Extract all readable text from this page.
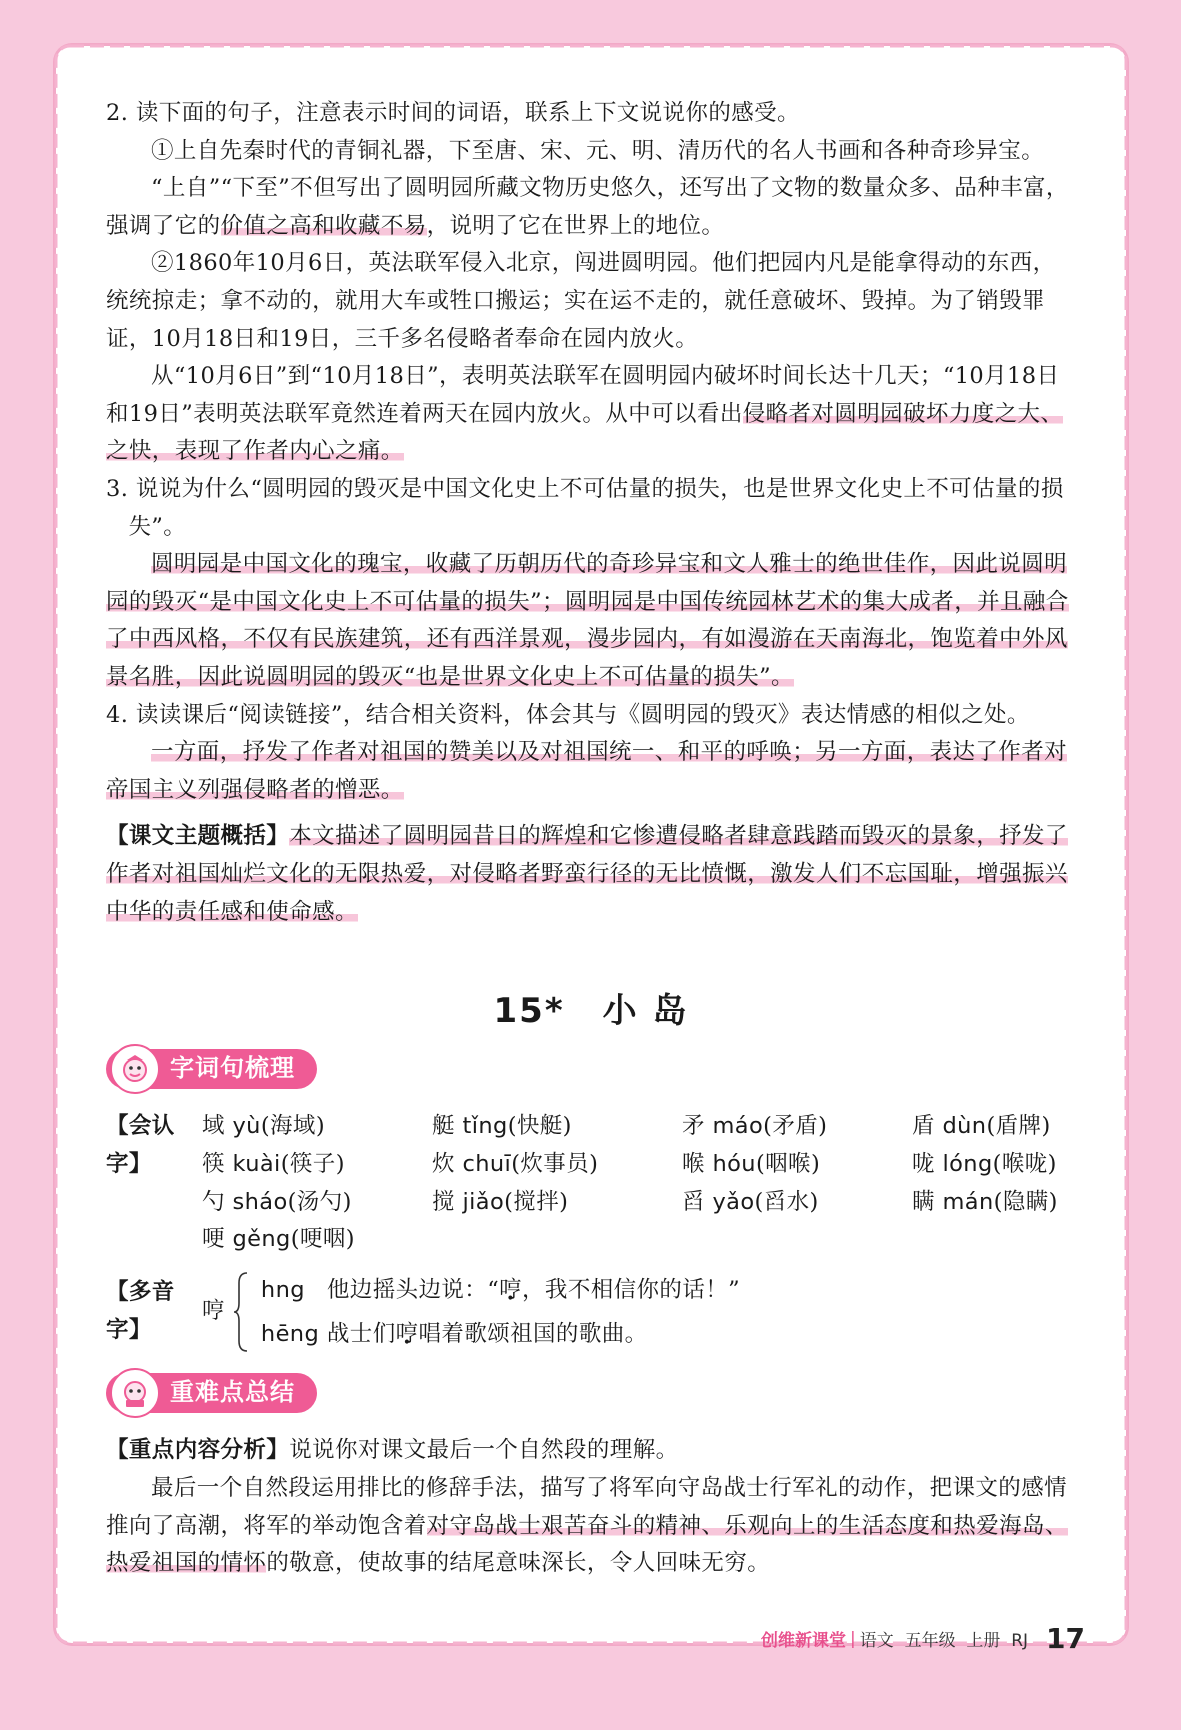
2. 读下面的句子，注意表示时间的词语，联系上下文说说你的感受。

①上自先秦时代的青铜礼器，下至唐、宋、元、明、清历代的名人书画和各种奇珍异宝。

“上自”“下至”不但写出了圆明园所藏文物历史悠久，还写出了文物的数量众多、品种丰富，强调了它的价值之高和收藏不易，说明了它在世界上的地位。

②1860年10月6日，英法联军侵入北京，闯进圆明园。他们把园内凡是能拿得动的东西，统统掠走；拿不动的，就用大车或牲口搬运；实在运不走的，就任意破坏、毁掉。为了销毁罪证，10月18日和19日，三千多名侵略者奉命在园内放火。

从“10月6日”到“10月18日”，表明英法联军在圆明园内破坏时间长达十几天；“10月18日和19日”表明英法联军竟然连着两天在园内放火。从中可以看出侵略者对圆明园破坏力度之大、之快，表现了作者内心之痛。

3. 说说为什么“圆明园的毁灭是中国文化史上不可估量的损失，也是世界文化史上不可估量的损失”。

圆明园是中国文化的瑰宝，收藏了历朝历代的奇珍异宝和文人雅士的绝世佳作，因此说圆明园的毁灭“是中国文化史上不可估量的损失”；圆明园是中国传统园林艺术的集大成者，并且融合了中西风格，不仅有民族建筑，还有西洋景观，漫步园内，有如漫游在天南海北，饱览着中外风景名胜，因此说圆明园的毁灭“也是世界文化史上不可估量的损失”。

4. 读读课后“阅读链接”，结合相关资料，体会其与《圆明园的毁灭》表达情感的相似之处。

一方面，抒发了作者对祖国的赞美以及对祖国统一、和平的呼唤；另一方面，表达了作者对帝国主义列强侵略者的憎恶。

【课文主题概括】本文描述了圆明园昔日的辉煌和它惨遭侵略者肆意践踏而毁灭的景象，抒发了作者对祖国灿烂文化的无限热爱，对侵略者野蛮行径的无比愤慨，激发人们不忘国耻，增强振兴中华的责任感和使命感。

15* 小 岛
字词句梳理
【会认字】
域 yù(海域)	艇 tǐng(快艇)	矛 máo(矛盾)	盾 dùn(盾牌)
筷 kuài(筷子)	炊 chuī(炊事员)	喉 hóu(咽喉)	咙 lóng(喉咙)
勺 sháo(汤勺)	搅 jiǎo(搅拌)	舀 yǎo(舀水)	瞒 mán(隐瞒)
哽 gěng(哽咽)
【多音字】
哼
hng 他边摇头边说：“哼，我不相信你的话！”
hēng 战士们哼唱着歌颂祖国的歌曲。
重难点总结

【重点内容分析】说说你对课文最后一个自然段的理解。

最后一个自然段运用排比的修辞手法，描写了将军向守岛战士行军礼的动作，把课文的感情推向了高潮，将军的举动饱含着对守岛战士艰苦奋斗的精神、乐观向上的生活态度和热爱海岛、热爱祖国的情怀的敬意，使故事的结尾意味深长，令人回味无穷。

创维新课堂 | 语文  五年级  上册  RJ 17
